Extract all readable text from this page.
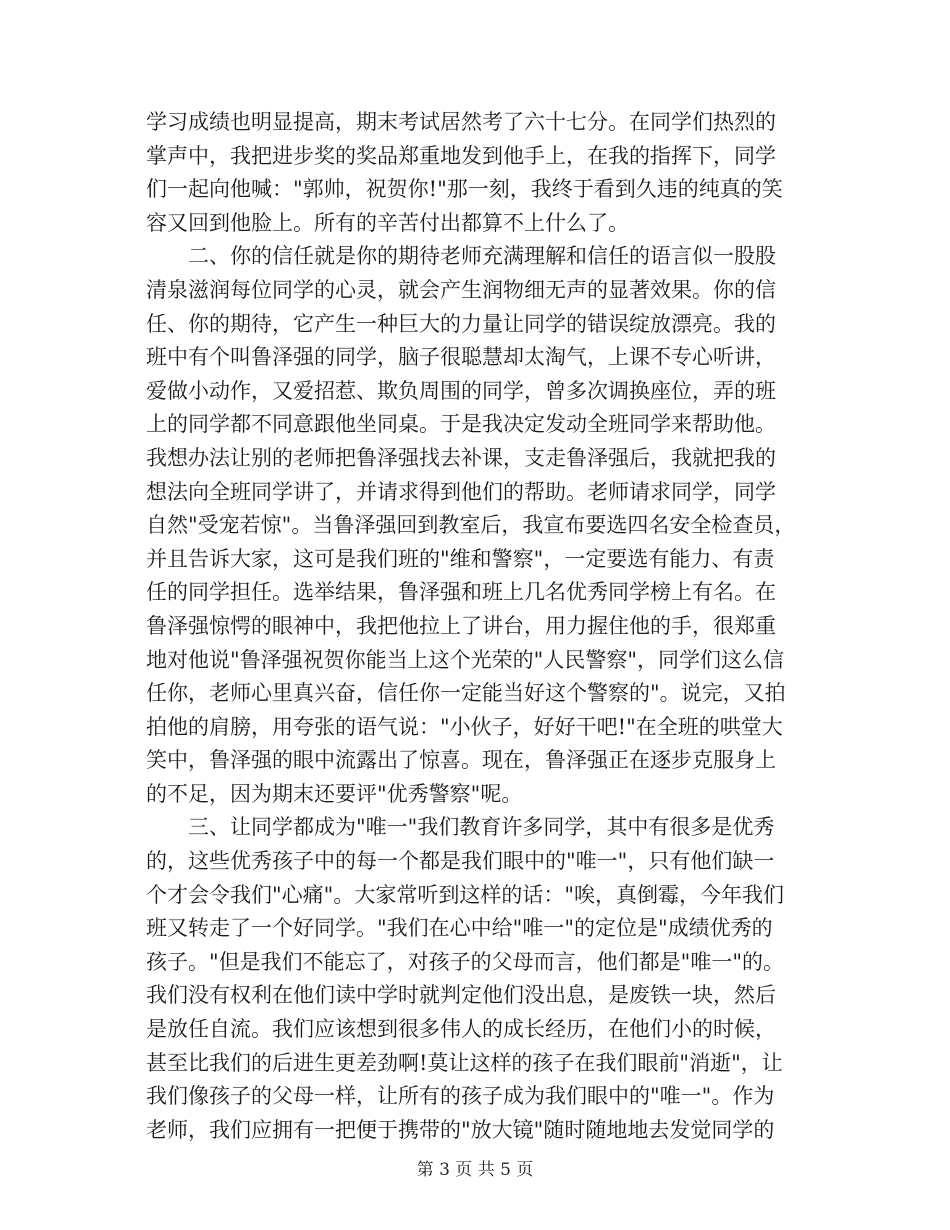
学习成绩也明显提高，期末考试居然考了六十七分。在同学们热烈的
掌声中，我把进步奖的奖品郑重地发到他手上，在我的指挥下，同学
们一起向他喊："郭帅，祝贺你!"那一刻，我终于看到久违的纯真的笑
容又回到他脸上。所有的辛苦付出都算不上什么了。
　　二、你的信任就是你的期待老师充满理解和信任的语言似一股股
清泉滋润每位同学的心灵，就会产生润物细无声的显著效果。你的信
任、你的期待，它产生一种巨大的力量让同学的错误绽放漂亮。我的
班中有个叫鲁泽强的同学，脑子很聪慧却太淘气，上课不专心听讲，
爱做小动作，又爱招惹、欺负周围的同学，曾多次调换座位，弄的班
上的同学都不同意跟他坐同桌。于是我决定发动全班同学来帮助他。
我想办法让别的老师把鲁泽强找去补课，支走鲁泽强后，我就把我的
想法向全班同学讲了，并请求得到他们的帮助。老师请求同学，同学
自然"受宠若惊"。当鲁泽强回到教室后，我宣布要选四名安全检查员，
并且告诉大家，这可是我们班的"维和警察"，一定要选有能力、有责
任的同学担任。选举结果，鲁泽强和班上几名优秀同学榜上有名。在
鲁泽强惊愕的眼神中，我把他拉上了讲台，用力握住他的手，很郑重
地对他说"鲁泽强祝贺你能当上这个光荣的"人民警察"，同学们这么信
任你，老师心里真兴奋，信任你一定能当好这个警察的"。说完，又拍
拍他的肩膀，用夸张的语气说："小伙子，好好干吧!"在全班的哄堂大
笑中，鲁泽强的眼中流露出了惊喜。现在，鲁泽强正在逐步克服身上
的不足，因为期末还要评"优秀警察"呢。
　　三、让同学都成为"唯一"我们教育许多同学，其中有很多是优秀
的，这些优秀孩子中的每一个都是我们眼中的"唯一"，只有他们缺一
个才会令我们"心痛"。大家常听到这样的话："唉，真倒霉，今年我们
班又转走了一个好同学。"我们在心中给"唯一"的定位是"成绩优秀的
孩子。"但是我们不能忘了，对孩子的父母而言，他们都是"唯一"的。
我们没有权利在他们读中学时就判定他们没出息，是废铁一块，然后
是放任自流。我们应该想到很多伟人的成长经历，在他们小的时候，
甚至比我们的后进生更差劲啊!莫让这样的孩子在我们眼前"消逝"，让
我们像孩子的父母一样，让所有的孩子成为我们眼中的"唯一"。作为
老师，我们应拥有一把便于携带的"放大镜"随时随地地去发觉同学的
第 3 页 共 5 页
